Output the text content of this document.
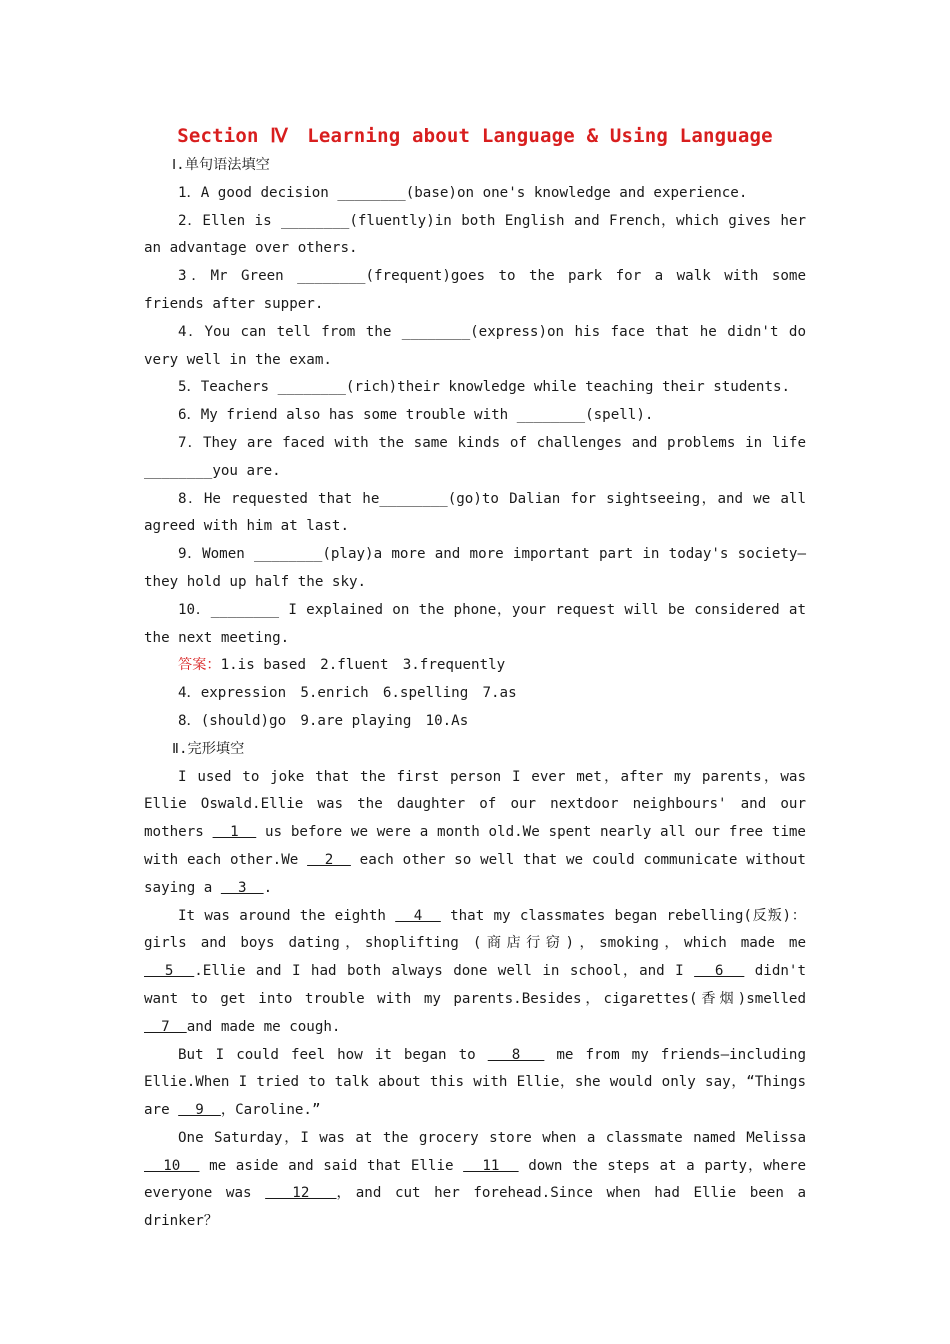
Section Ⅳ　Learning about Language & Using Language

Ⅰ.单句语法填空

1．A good decision ________(base)on one's knowledge and experience.

2．Ellen is ________(fluently)in both English and French，which gives her an advantage over others.

3．Mr Green ________(frequent)goes to the park for a walk with some friends after supper.

4．You can tell from the ________(express)on his face that he didn't do very well in the exam.

5．Teachers ________(rich)their knowledge while teaching their students.

6．My friend also has some trouble with ________(spell).

7．They are faced with the same kinds of challenges and problems in life ________you are.

8．He requested that he________(go)to Dalian for sightseeing，and we all agreed with him at last.

9．Women ________(play)a more and more important part in today's society—they hold up half the sky.

10．________ I explained on the phone，your request will be considered at the next meeting.

答案：1.is based　2.fluent　3.frequently

4．expression　5.enrich　6.spelling　7.as

8．(should)go　9.are playing　10.As

Ⅱ.完形填空

I used to joke that the first person I ever met，after my parents，was Ellie Oswald.Ellie was the daughter of our nextdoor neighbours' and our mothers   1   us before we were a month old.We spent nearly all our free time with each other.We   2   each other so well that we could communicate without saying a   3  .

It was around the eighth   4   that my classmates began rebelling(反叛)：girls and boys dating，shoplifting (商店行窃)，smoking，which made me   5  .Ellie and I had both always done well in school，and I   6   didn't want to get into trouble with my parents.Besides，cigarettes(香烟)smelled   7  and made me cough.

But I could feel how it began to   8   me from my friends—including Ellie.When I tried to talk about this with Ellie，she would only say，“Things are   9  ，Caroline.”

One Saturday，I was at the grocery store when a classmate named Melissa   10   me aside and said that Ellie   11   down the steps at a party，where everyone was   12  ，and cut her forehead.Since when had Ellie been a drinker？
